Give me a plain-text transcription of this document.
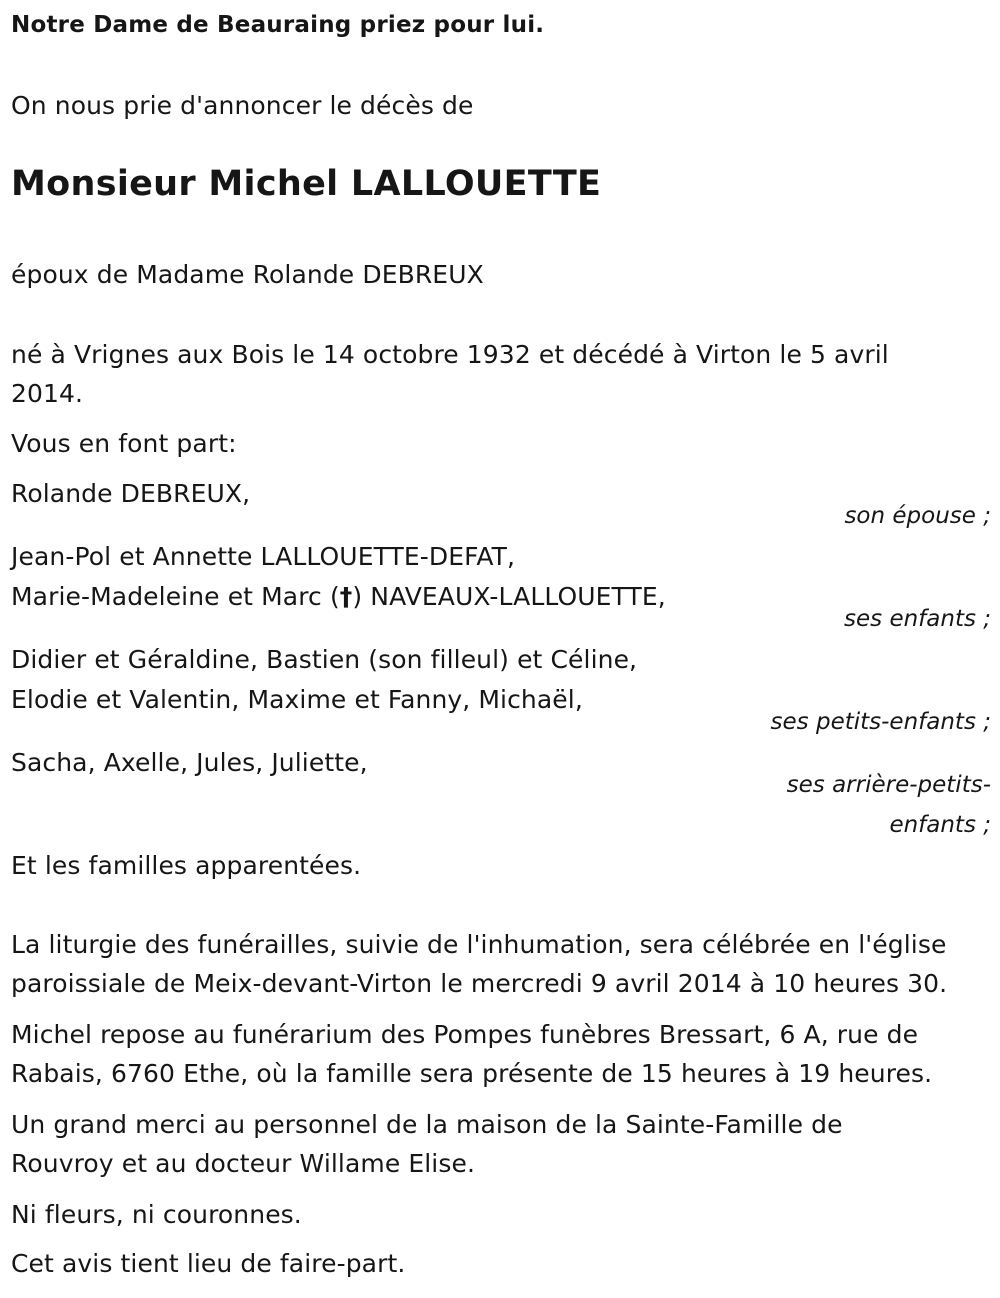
Notre Dame de Beauraing priez pour lui.

On nous prie d'annoncer le décès de

Monsieur Michel LALLOUETTE

époux de Madame Rolande DEBREUX

né à Vrignes aux Bois le 14 octobre 1932 et décédé à Virton le 5 avril 2014.

Vous en font part:

Rolande DEBREUX,

son épouse ;

Jean-Pol et Annette LALLOUETTE-DEFAT,

Marie-Madeleine et Marc (†) NAVEAUX-LALLOUETTE,

ses enfants ;

Didier et Géraldine, Bastien (son filleul) et Céline,

Elodie et Valentin, Maxime et Fanny, Michaël,

ses petits-enfants ;

Sacha, Axelle, Jules, Juliette,

ses arrière-petits-

enfants ;

Et les familles apparentées.

La liturgie des funérailles, suivie de l'inhumation, sera célébrée en l'église paroissiale de Meix-devant-Virton le mercredi 9 avril 2014 à 10 heures 30.

Michel repose au funérarium des Pompes funèbres Bressart, 6 A, rue de Rabais, 6760 Ethe, où la famille sera présente de 15 heures à 19 heures.

Un grand merci au personnel de la maison de la Sainte-Famille de Rouvroy et au docteur Willame Elise.

Ni fleurs, ni couronnes.

Cet avis tient lieu de faire-part.
